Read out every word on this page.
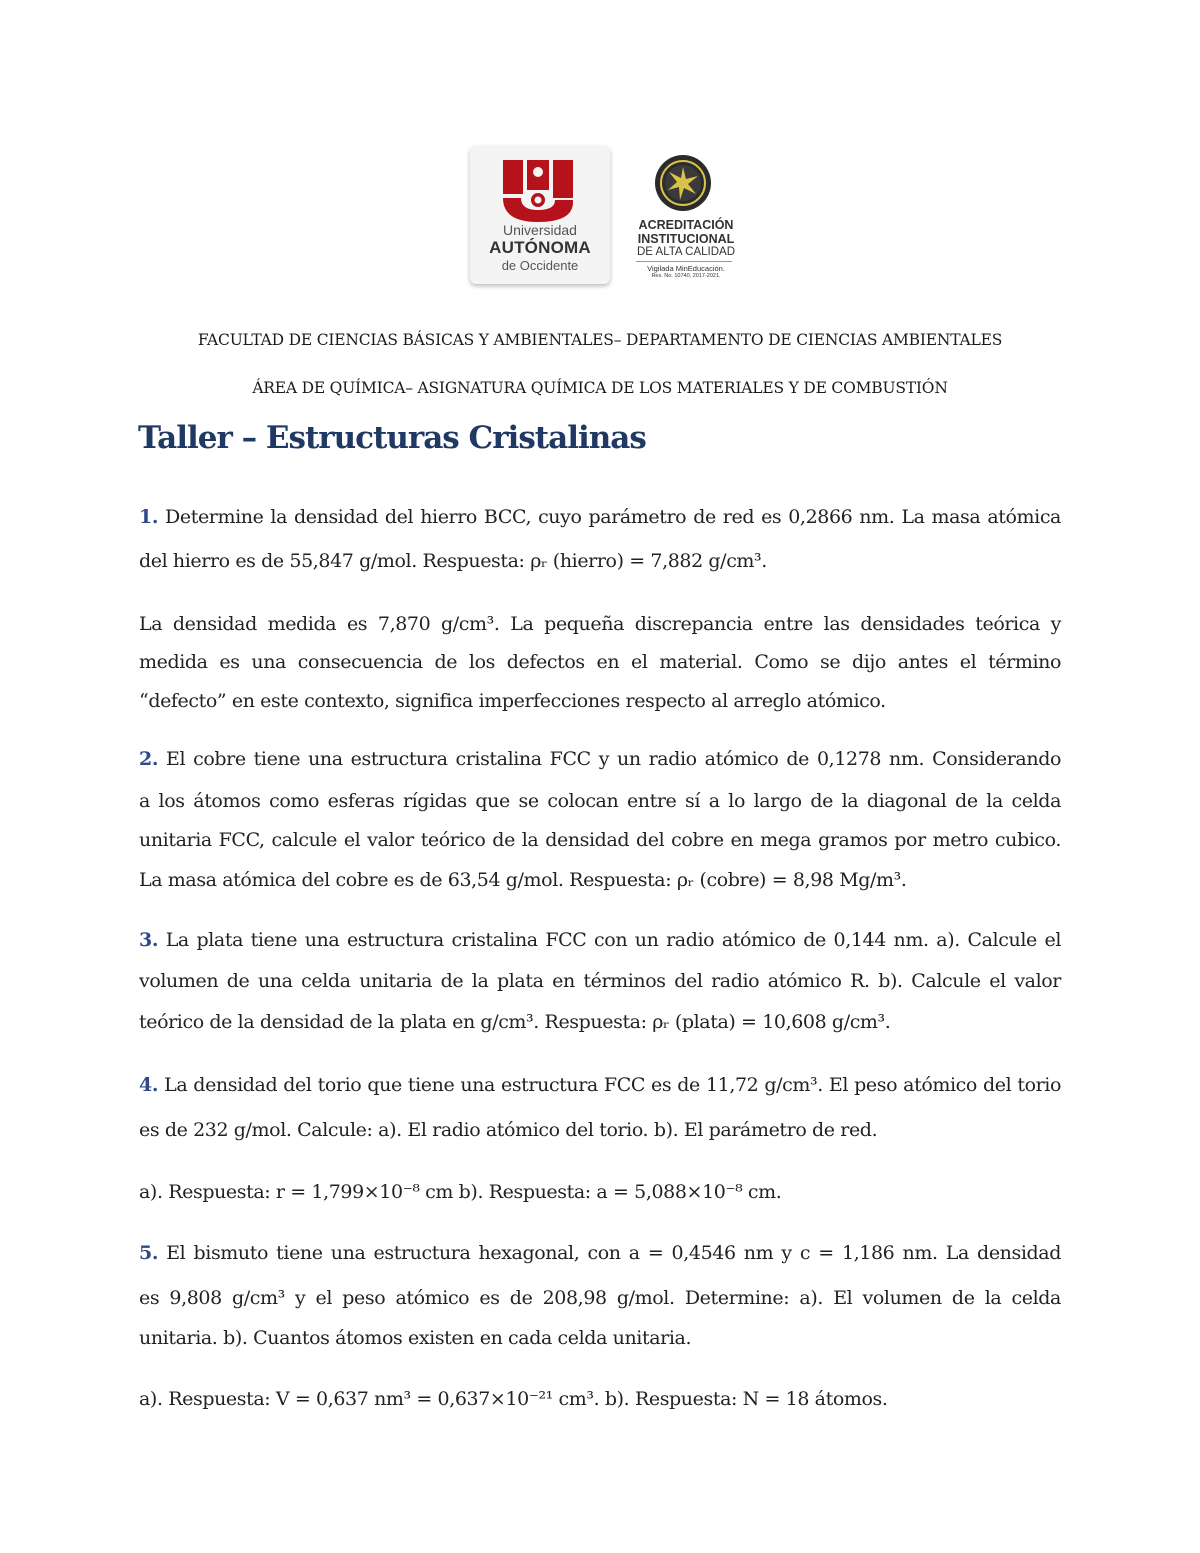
Universidad
AUTÓNOMA
de Occidente
ACREDITACIÓN
INSTITUCIONAL
DE ALTA CALIDAD
Vigilada MinEducación.
Res. No. 10740, 2017-2021.
FACULTAD DE CIENCIAS BÁSICAS Y AMBIENTALES– DEPARTAMENTO DE CIENCIAS AMBIENTALES
ÁREA DE QUÍMICA– ASIGNATURA QUÍMICA DE LOS MATERIALES Y DE COMBUSTIÓN
Taller – Estructuras Cristalinas
1. Determine la densidad del hierro BCC, cuyo parámetro de red es 0,2866 nm. La masa atómica
del hierro es de 55,847 g/mol. Respuesta: ρᵣ (hierro) = 7,882 g/cm³.
La densidad medida es 7,870 g/cm³. La pequeña discrepancia entre las densidades teórica y
medida es una consecuencia de los defectos en el material. Como se dijo antes el término
“defecto” en este contexto, significa imperfecciones respecto al arreglo atómico.
2. El cobre tiene una estructura cristalina FCC y un radio atómico de 0,1278 nm. Considerando
a los átomos como esferas rígidas que se colocan entre sí a lo largo de la diagonal de la celda
unitaria FCC, calcule el valor teórico de la densidad del cobre en mega gramos por metro cubico.
La masa atómica del cobre es de 63,54 g/mol. Respuesta: ρᵣ (cobre) = 8,98 Mg/m³.
3. La plata tiene una estructura cristalina FCC con un radio atómico de 0,144 nm. a). Calcule el
volumen de una celda unitaria de la plata en términos del radio atómico R. b). Calcule el valor
teórico de la densidad de la plata en g/cm³. Respuesta: ρᵣ (plata) = 10,608 g/cm³.
4. La densidad del torio que tiene una estructura FCC es de 11,72 g/cm³. El peso atómico del torio
es de 232 g/mol. Calcule: a). El radio atómico del torio. b). El parámetro de red.
a). Respuesta: r = 1,799×10⁻⁸ cm b). Respuesta: a = 5,088×10⁻⁸ cm.
5. El bismuto tiene una estructura hexagonal, con a = 0,4546 nm y c = 1,186 nm. La densidad
es 9,808 g/cm³ y el peso atómico es de 208,98 g/mol. Determine: a). El volumen de la celda
unitaria. b). Cuantos átomos existen en cada celda unitaria.
a). Respuesta: V = 0,637 nm³ = 0,637×10⁻²¹ cm³. b). Respuesta: N = 18 átomos.
